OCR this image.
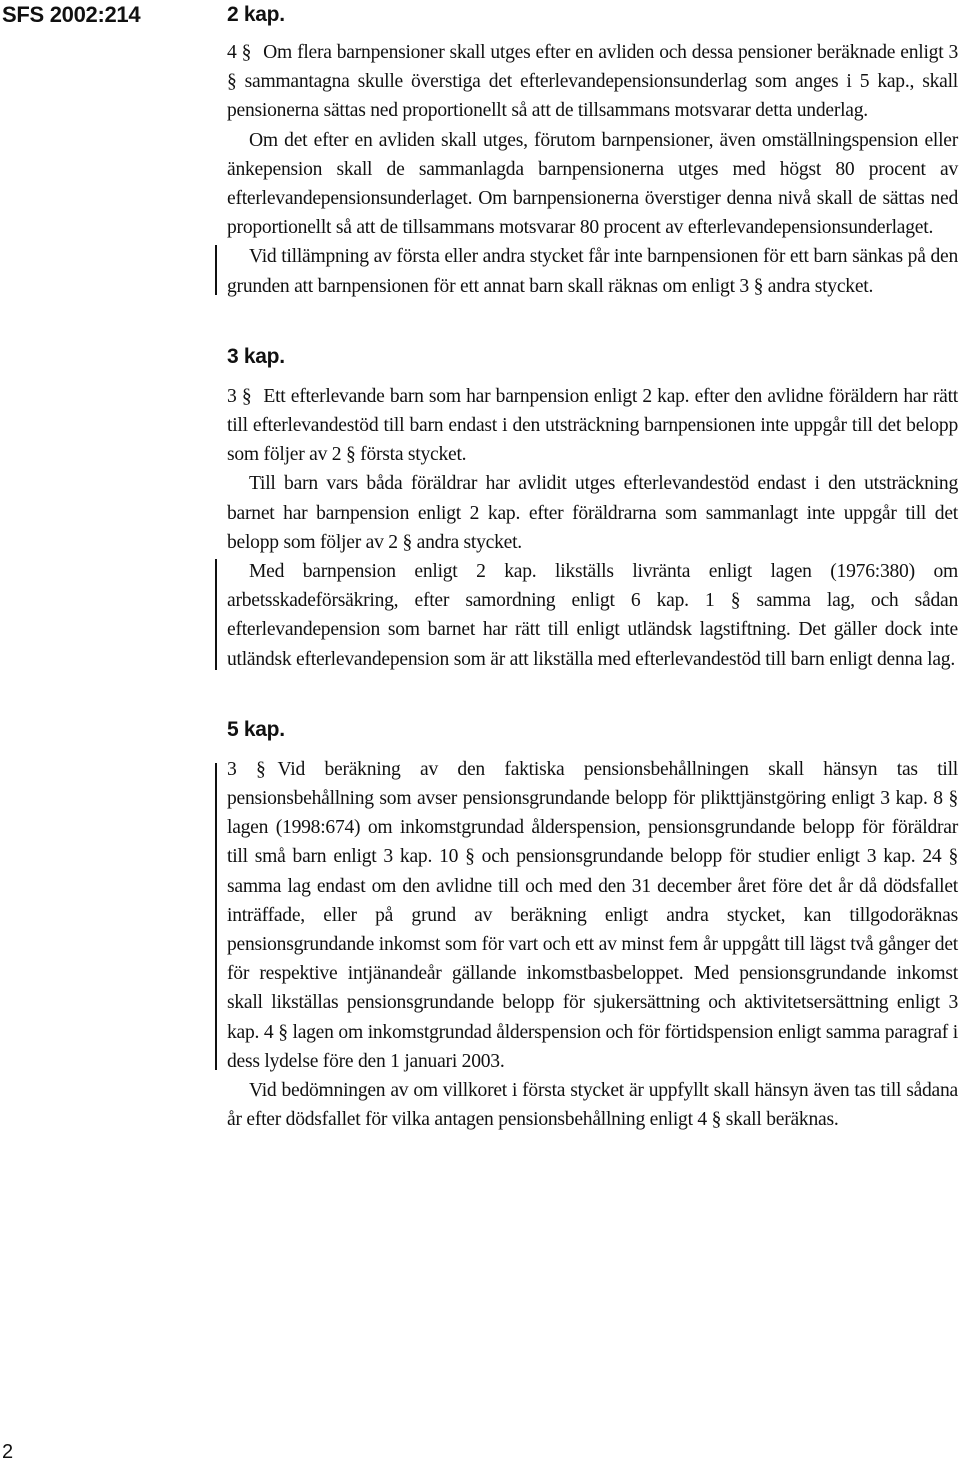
SFS 2002:214	2 kap.

4 § Om flera barnpensioner skall utges efter en avliden och dessa pensioner beräknade enligt 3 § sammantagna skulle överstiga det efterlevandepensionsunderlag som anges i 5 kap., skall pensionerna sättas ned proportionellt så att de tillsammans motsvarar detta underlag.

Om det efter en avliden skall utges, förutom barnpensioner, även omställningspension eller änkepension skall de sammanlagda barnpensionerna utges med högst 80 procent av efterlevandepensionsunderlaget. Om barnpensionerna överstiger denna nivå skall de sättas ned proportionellt så att de tillsammans motsvarar 80 procent av efterlevandepensionsunderlaget.

Vid tillämpning av första eller andra stycket får inte barnpensionen för ett barn sänkas på den grunden att barnpensionen för ett annat barn skall räknas om enligt 3 § andra stycket.

3 kap.

3 § Ett efterlevande barn som har barnpension enligt 2 kap. efter den avlidne föräldern har rätt till efterlevandestöd till barn endast i den utsträckning barnpensionen inte uppgår till det belopp som följer av 2 § första stycket.

Till barn vars båda föräldrar har avlidit utges efterlevandestöd endast i den utsträckning barnet har barnpension enligt 2 kap. efter föräldrarna som sammanlagt inte uppgår till det belopp som följer av 2 § andra stycket.

Med barnpension enligt 2 kap. likställs livränta enligt lagen (1976:380) om arbetsskadeförsäkring, efter samordning enligt 6 kap. 1 § samma lag, och sådan efterlevandepension som barnet har rätt till enligt utländsk lagstiftning. Det gäller dock inte utländsk efterlevandepension som är att likställa med efterlevandestöd till barn enligt denna lag.

5 kap.

3 § Vid beräkning av den faktiska pensionsbehållningen skall hänsyn tas till pensionsbehållning som avser pensionsgrundande belopp för plikttjänstgöring enligt 3 kap. 8 § lagen (1998:674) om inkomstgrundad ålderspension, pensionsgrundande belopp för föräldrar till små barn enligt 3 kap. 10 § och pensionsgrundande belopp för studier enligt 3 kap. 24 § samma lag endast om den avlidne till och med den 31 december året före det år då dödsfallet inträffade, eller på grund av beräkning enligt andra stycket, kan tillgodoräknas pensionsgrundande inkomst som för vart och ett av minst fem år uppgått till lägst två gånger det för respektive intjänandeår gällande inkomstbasbeloppet. Med pensionsgrundande inkomst skall likställas pensionsgrundande belopp för sjukersättning och aktivitetsersättning enligt 3 kap. 4 § lagen om inkomstgrundad ålderspension och för förtidspension enligt samma paragraf i dess lydelse före den 1 januari 2003.

Vid bedömningen av om villkoret i första stycket är uppfyllt skall hänsyn även tas till sådana år efter dödsfallet för vilka antagen pensionsbehållning enligt 4 § skall beräknas.

2
